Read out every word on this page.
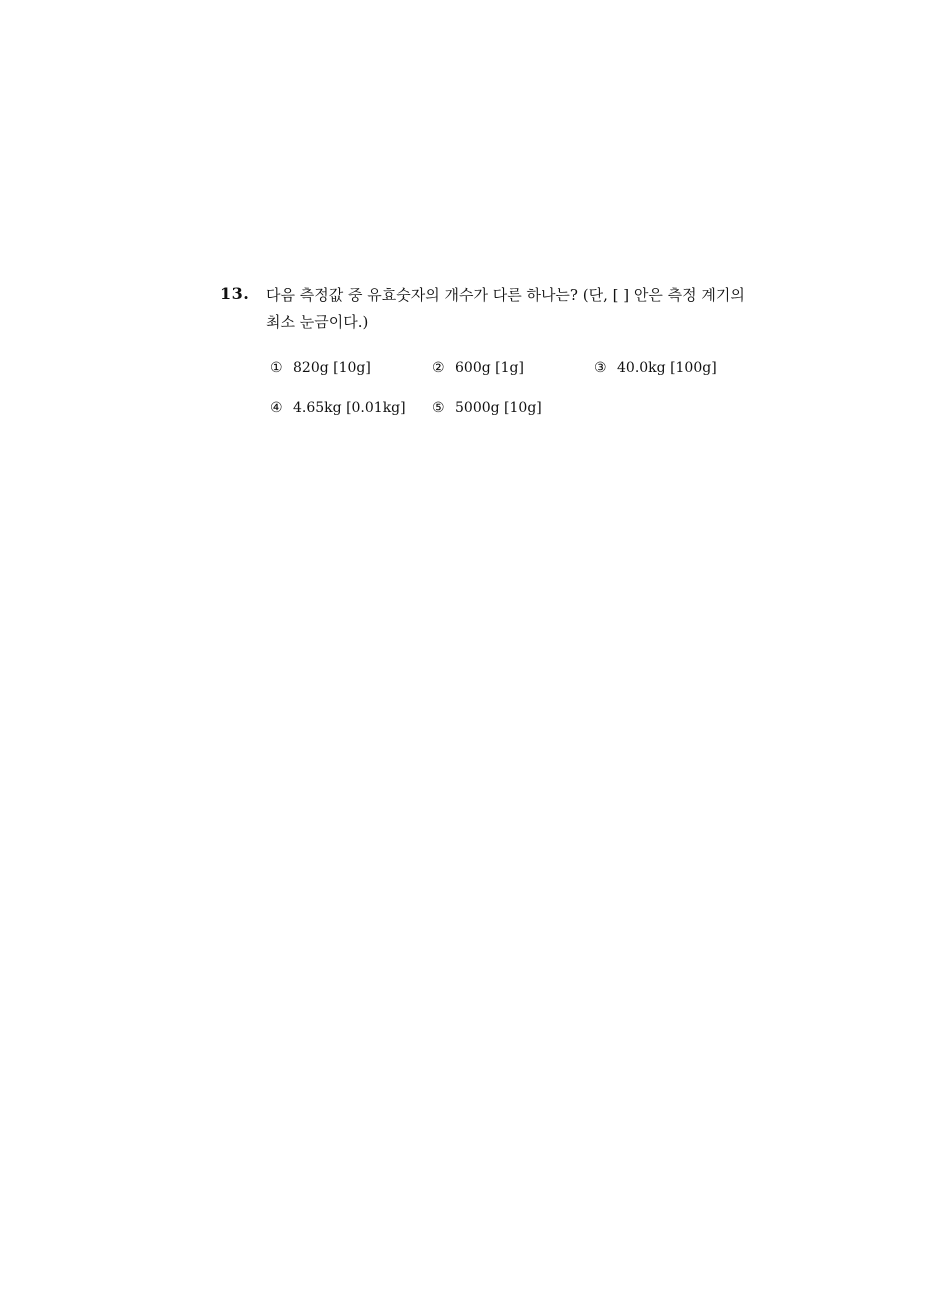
13. 다음 측정값 중 유효숫자의 개수가 다른 하나는? (단, [ ] 안은 측정 계기의
최소 눈금이다.)
① 820g [10g]	② 600g [1g]	③ 40.0kg [100g]
④ 4.65kg [0.01kg] ⑤ 5000g [10g]
